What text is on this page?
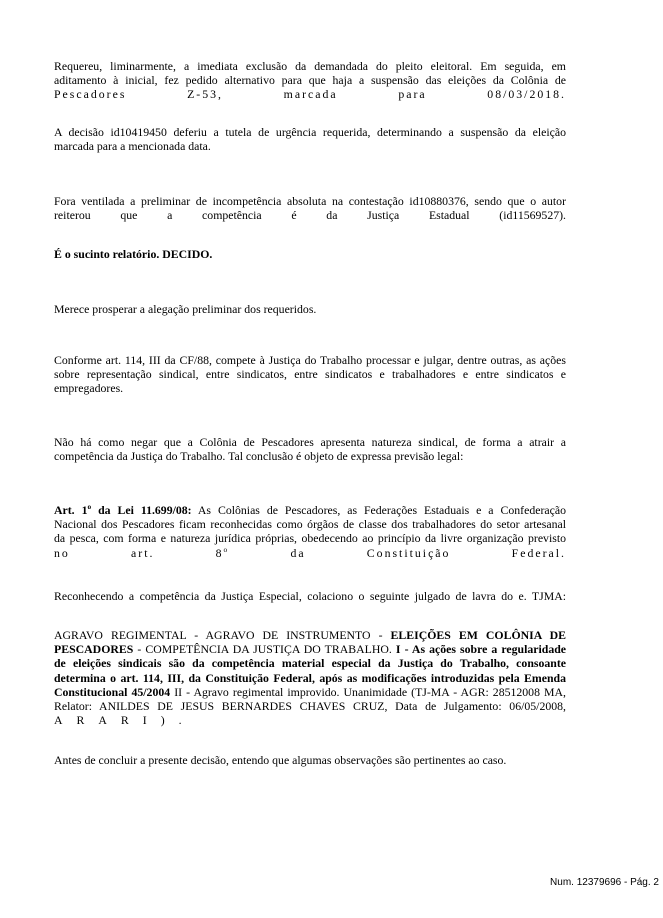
Requereu, liminarmente, a imediata exclusão da demandada do pleito eleitoral. Em seguida, em
aditamento à inicial, fez pedido alternativo para que haja a suspensão das eleições da Colônia de
Pescadores Z-53, marcada para 08/03/2018.
A decisão id10419450 deferiu a tutela de urgência requerida, determinando a suspensão da eleição
marcada para a mencionada data.
Fora ventilada a preliminar de incompetência absoluta na contestação id10880376, sendo que o autor
reiterou que a competência é da Justiça Estadual (id11569527).
É o sucinto relatório. DECIDO.
Merece prosperar a alegação preliminar dos requeridos.
Conforme art. 114, III da CF/88, compete à Justiça do Trabalho processar e julgar, dentre outras, as ações
sobre representação sindical, entre sindicatos, entre sindicatos e trabalhadores e entre sindicatos e
empregadores.
Não há como negar que a Colônia de Pescadores apresenta natureza sindical, de forma a atrair a
competência da Justiça do Trabalho. Tal conclusão é objeto de expressa previsão legal:
Art. 1$^o$ da Lei 11.699/08: As Colônias de Pescadores, as Federações Estaduais e a Confederação
Nacional dos Pescadores ficam reconhecidas como órgãos de classe dos trabalhadores do setor artesanal
da pesca, com forma e natureza jurídica próprias, obedecendo ao princípio da livre organização previsto
no art. 8$^o$	da Constituição Federal.
Reconhecendo a competência da Justiça Especial, colaciono o seguinte julgado de lavra do e. TJMA:
AGRAVO REGIMENTAL - AGRAVO DE INSTRUMENTO - ELEIÇÕES EM COLÔNIA DE
PESCADORES - COMPETÊNCIA DA JUSTIÇA DO TRABALHO. I - As ações sobre a regularidade
de eleições sindicais são da competência material especial da Justiça do Trabalho, consoante
determina o art. 114, III, da Constituição Federal, após as modificações introduzidas pela Emenda
Constitucional 45/2004 II - Agravo regimental improvido. Unanimidade (TJ-MA - AGR: 28512008 MA,
Relator: ANILDES DE JESUS BERNARDES CHAVES CRUZ, Data de Julgamento: 06/05/2008,
ARARI).
Antes de concluir a presente decisão, entendo que algumas observações são pertinentes ao caso.
Num. 12379696 - Pág. 2
